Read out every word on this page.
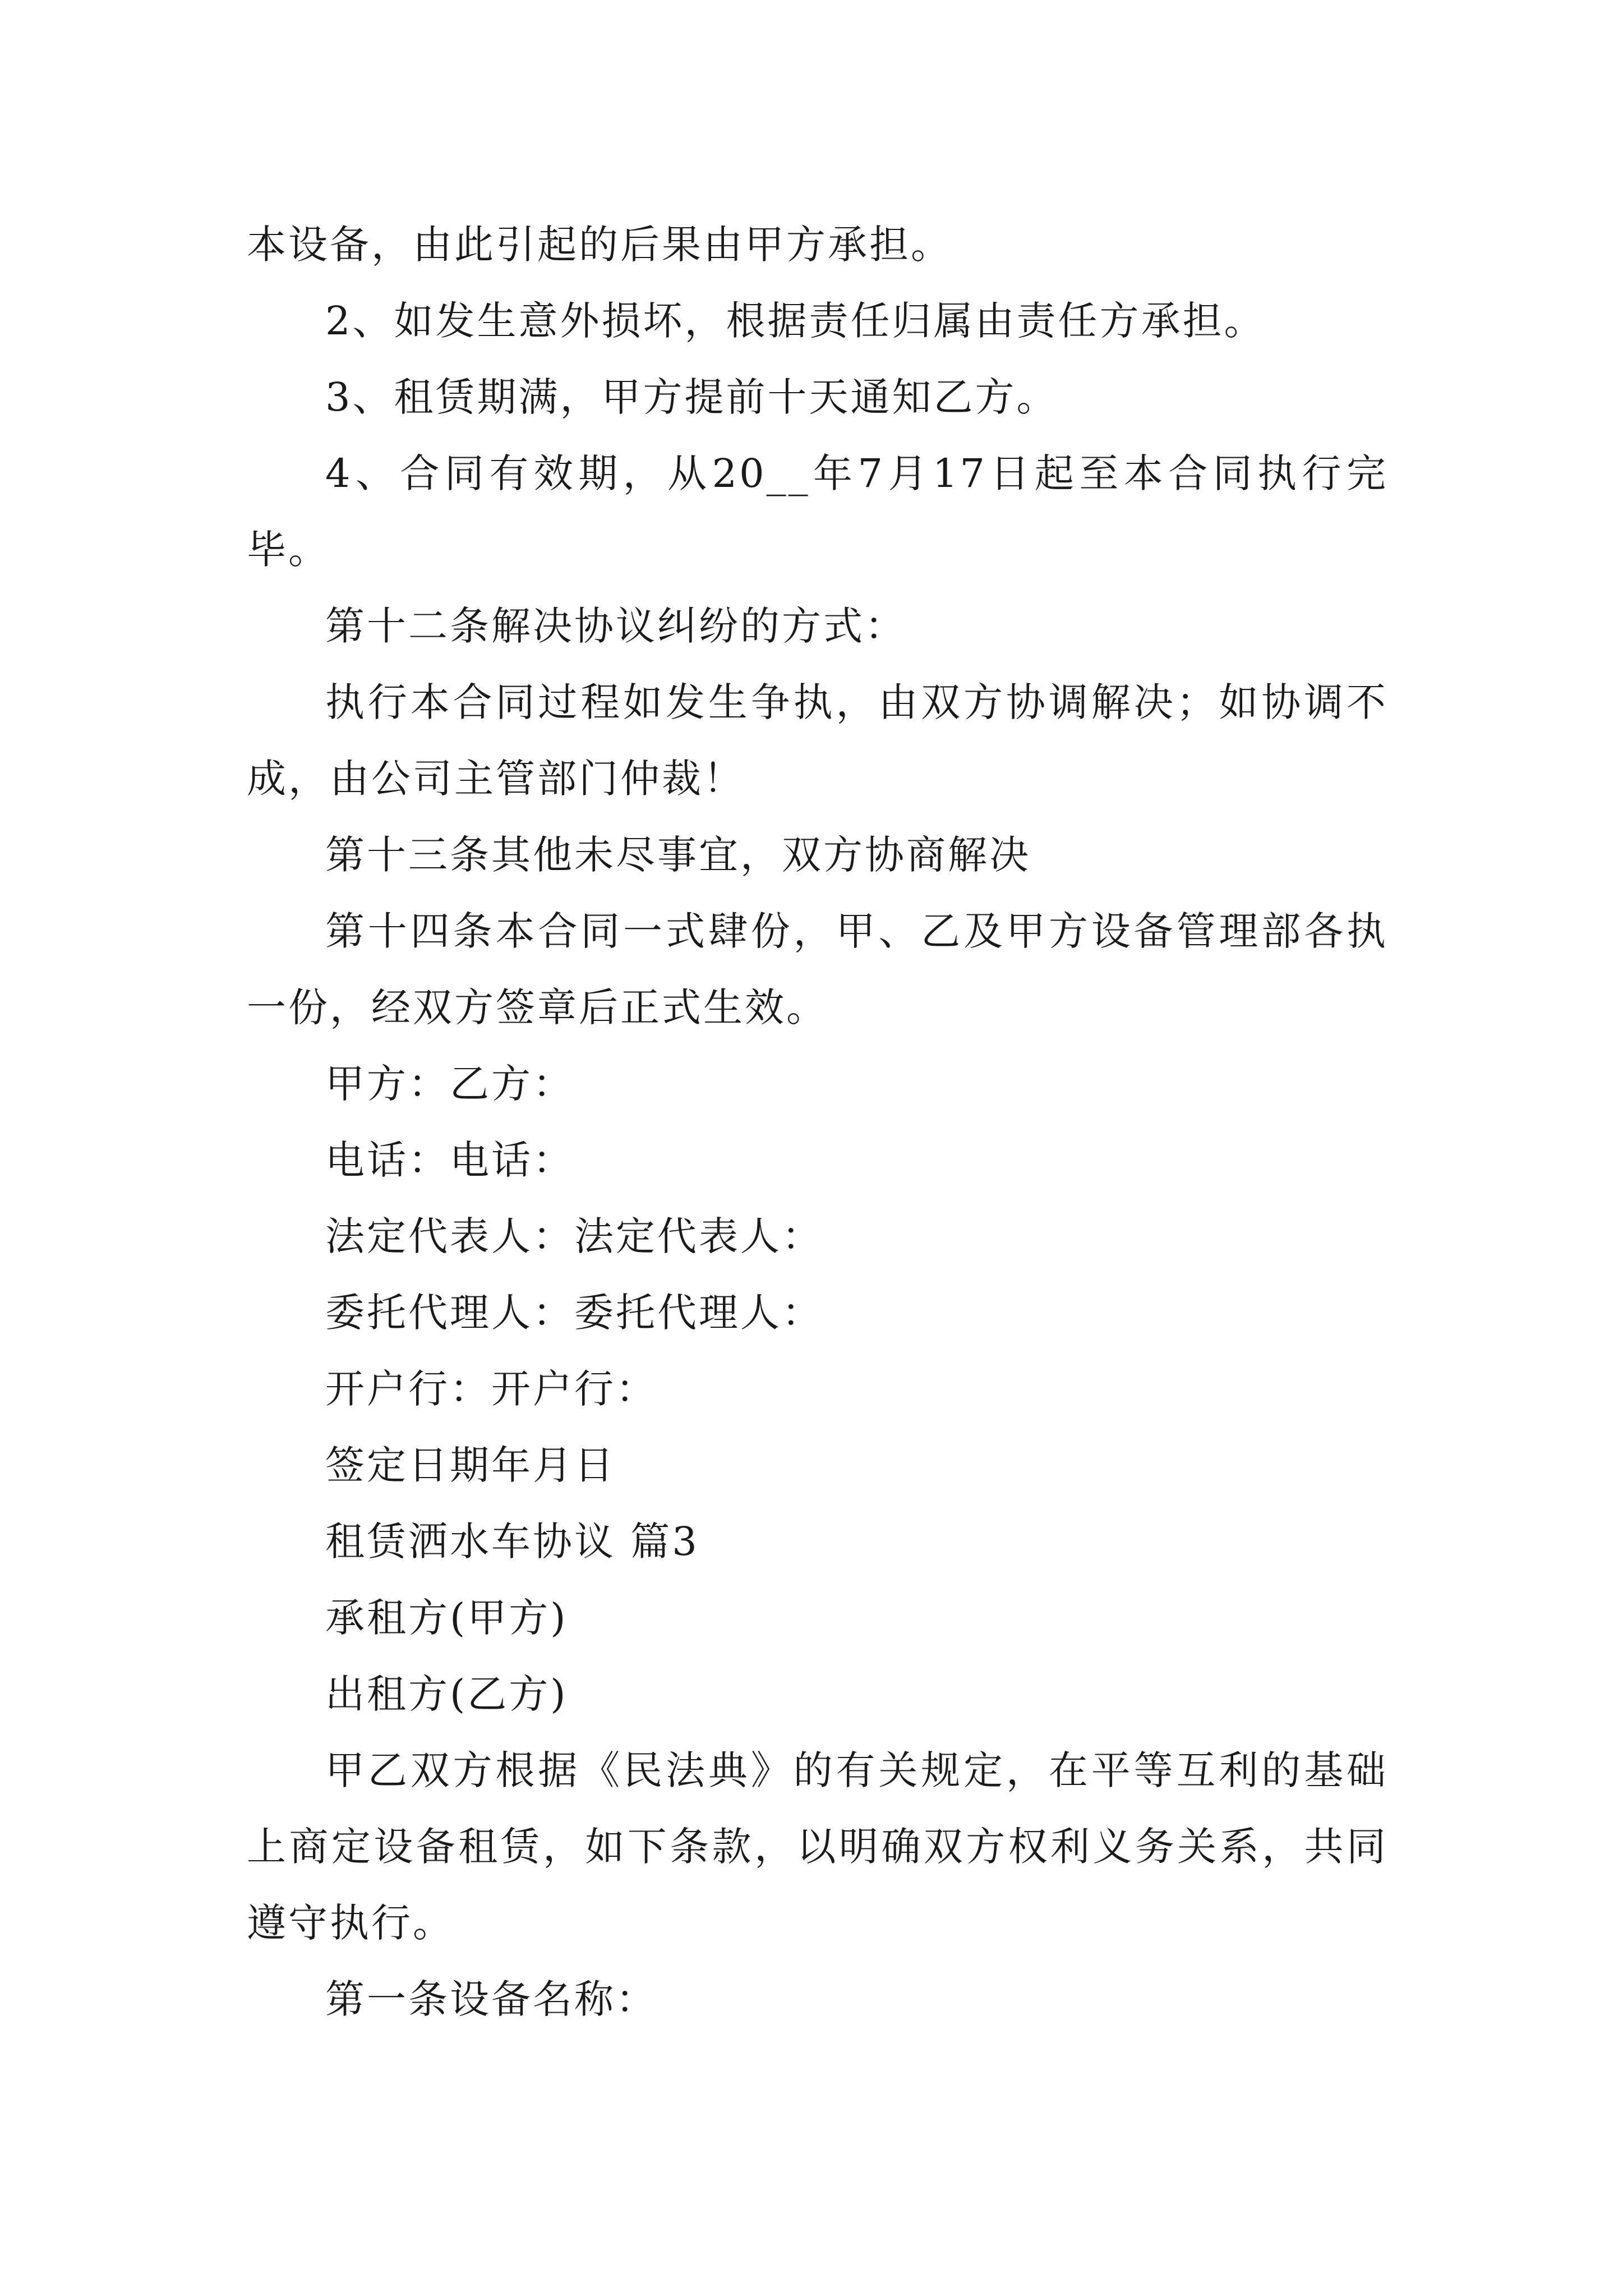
本设备，由此引起的后果由甲方承担。

2、如发生意外损坏，根据责任归属由责任方承担。

3、租赁期满，甲方提前十天通知乙方。

4、合同有效期，从20__年7月17日起至本合同执行完毕。

第十二条解决协议纠纷的方式：

执行本合同过程如发生争执，由双方协调解决；如协调不成，由公司主管部门仲裁！

第十三条其他未尽事宜，双方协商解决

第十四条本合同一式肆份，甲、乙及甲方设备管理部各执一份，经双方签章后正式生效。

甲方：乙方：

电话：电话：

法定代表人：法定代表人：

委托代理人：委托代理人：

开户行：开户行：

签定日期年月日

租赁洒水车协议 篇3

承租方(甲方)

出租方(乙方)

甲乙双方根据《民法典》的有关规定，在平等互利的基础上商定设备租赁，如下条款，以明确双方权利义务关系，共同遵守执行。

第一条设备名称：
